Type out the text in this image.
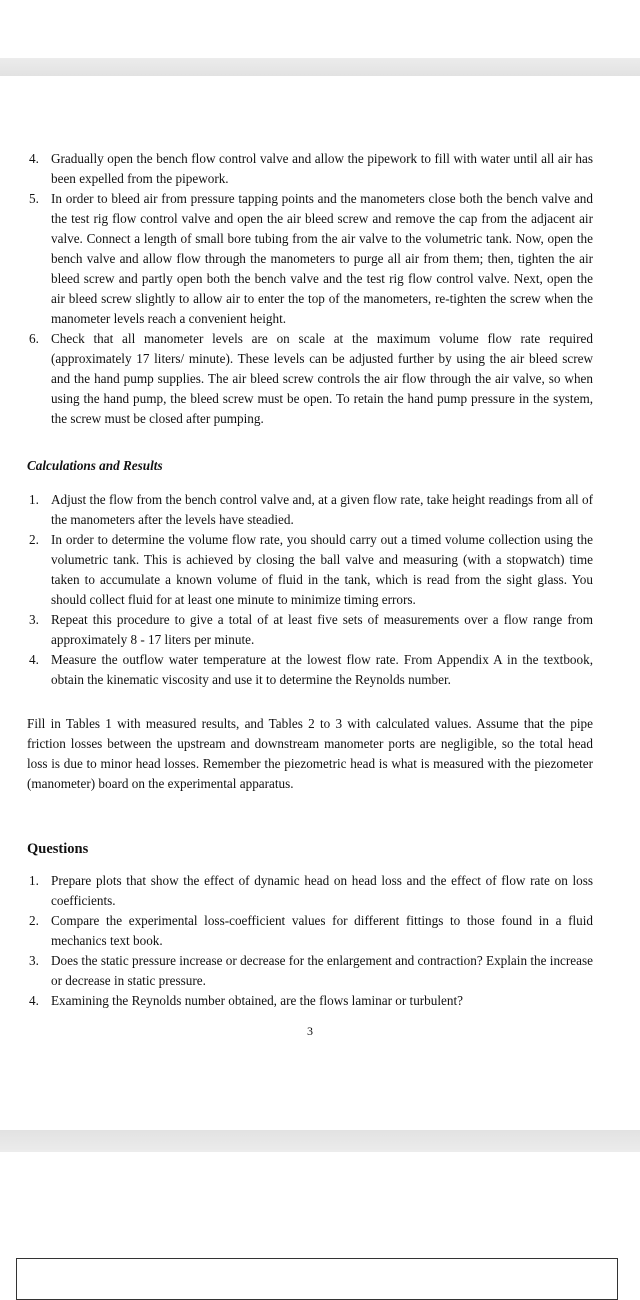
4. Gradually open the bench flow control valve and allow the pipework to fill with water until all air has been expelled from the pipework.
5. In order to bleed air from pressure tapping points and the manometers close both the bench valve and the test rig flow control valve and open the air bleed screw and remove the cap from the adjacent air valve. Connect a length of small bore tubing from the air valve to the volumetric tank. Now, open the bench valve and allow flow through the manometers to purge all air from them; then, tighten the air bleed screw and partly open both the bench valve and the test rig flow control valve. Next, open the air bleed screw slightly to allow air to enter the top of the manometers, re-tighten the screw when the manometer levels reach a convenient height.
6. Check that all manometer levels are on scale at the maximum volume flow rate required (approximately 17 liters/ minute). These levels can be adjusted further by using the air bleed screw and the hand pump supplies. The air bleed screw controls the air flow through the air valve, so when using the hand pump, the bleed screw must be open. To retain the hand pump pressure in the system, the screw must be closed after pumping.
Calculations and Results
1. Adjust the flow from the bench control valve and, at a given flow rate, take height readings from all of the manometers after the levels have steadied.
2. In order to determine the volume flow rate, you should carry out a timed volume collection using the volumetric tank. This is achieved by closing the ball valve and measuring (with a stopwatch) time taken to accumulate a known volume of fluid in the tank, which is read from the sight glass. You should collect fluid for at least one minute to minimize timing errors.
3. Repeat this procedure to give a total of at least five sets of measurements over a flow range from approximately 8 - 17 liters per minute.
4. Measure the outflow water temperature at the lowest flow rate. From Appendix A in the textbook, obtain the kinematic viscosity and use it to determine the Reynolds number.
Fill in Tables 1 with measured results, and Tables 2 to 3 with calculated values. Assume that the pipe friction losses between the upstream and downstream manometer ports are negligible, so the total head loss is due to minor head losses. Remember the piezometric head is what is measured with the piezometer (manometer) board on the experimental apparatus.
Questions
1. Prepare plots that show the effect of dynamic head on head loss and the effect of flow rate on loss coefficients.
2. Compare the experimental loss-coefficient values for different fittings to those found in a fluid mechanics text book.
3. Does the static pressure increase or decrease for the enlargement and contraction? Explain the increase or decrease in static pressure.
4. Examining the Reynolds number obtained, are the flows laminar or turbulent?
3
